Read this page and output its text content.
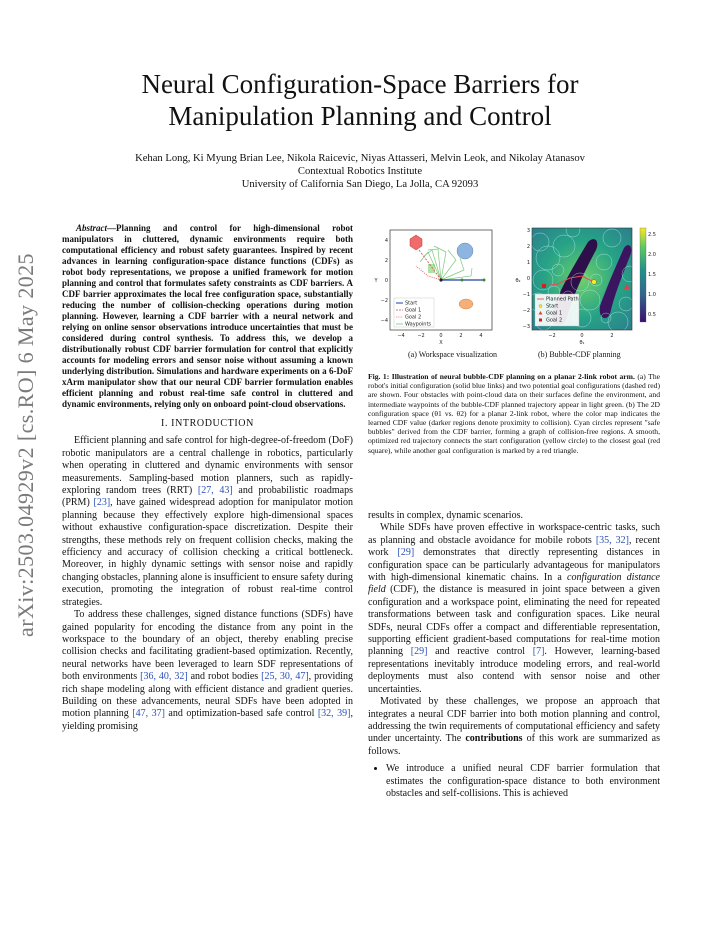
arXiv:2503.04929v2 [cs.RO] 6 May 2025
Neural Configuration-Space Barriers for Manipulation Planning and Control
Kehan Long, Ki Myung Brian Lee, Nikola Raicevic, Niyas Attasseri, Melvin Leok, and Nikolay Atanasov
Contextual Robotics Institute
University of California San Diego, La Jolla, CA 92093

Abstract—Planning and control for high-dimensional robot manipulators in cluttered, dynamic environments require both computational efficiency and robust safety guarantees. Inspired by recent advances in learning configuration-space distance functions (CDFs) as robot body representations, we propose a unified framework for motion planning and control that formulates safety constraints as CDF barriers. A CDF barrier approximates the local free configuration space, substantially reducing the number of collision-checking operations during motion planning. However, learning a CDF barrier with a neural network and relying on online sensor observations introduce uncertainties that must be considered during control synthesis. To address this, we develop a distributionally robust CDF barrier formulation for control that explicitly accounts for modeling errors and sensor noise without assuming a known underlying distribution. Simulations and hardware experiments on a 6-DoF xArm manipulator show that our neural CDF barrier formulation enables efficient planning and robust real-time safe control in cluttered and dynamic environments, relying only on onboard point-cloud observations.

I. INTRODUCTION

Efficient planning and safe control for high-degree-of-freedom (DoF) robotic manipulators are a central challenge in robotics, particularly when operating in cluttered and dynamic environments with sensor measurements. Sampling-based motion planners, such as rapidly-exploring random trees (RRT) [27, 43] and probabilistic roadmaps (PRM) [23], have gained widespread adoption for manipulator motion planning because they effectively explore high-dimensional spaces without exhaustive configuration-space discretization. Despite their strengths, these methods rely on frequent collision checks, making the efficiency and accuracy of collision checking a critical bottleneck. Moreover, in highly dynamic settings with sensor noise and rapidly changing obstacles, planning alone is insufficient to ensure safety during execution, promoting the integration of robust real-time control strategies.

To address these challenges, signed distance functions (SDFs) have gained popularity for encoding the distance from any point in the workspace to the boundary of an object, thereby enabling precise collision checks and facilitating gradient-based optimization. Recently, neural networks have been leveraged to learn SDF representations of both environments [36, 40, 32] and robot bodies [25, 30, 47], providing rich shape modeling along with efficient distance and gradient queries. Building on these advancements, neural SDFs have been adopted in motion planning [47, 37] and optimization-based safe control [32, 39], yielding promising

Start
Goal 1
Goal 2
Waypoints
−4	−2	0	2	4
X
4
2
0
−2
−4
Y
Planned Path
Start
Goal 1
Goal 2
−2	0	2
θ₁
3
2
1
0
−1
−2
−3
θ₂
2.5
2.0
1.5
1.0
0.5
(a) Workspace visualization	(b) Bubble-CDF planning
Fig. 1: Illustration of neural bubble-CDF planning on a planar 2-link robot arm. (a) The robot's initial configuration (solid blue links) and two potential goal configurations (dashed red) are shown. Four obstacles with point-cloud data on their surfaces define the environment, and intermediate waypoints of the bubble-CDF planned trajectory appear in light green. (b) The 2D configuration space (θ1 vs. θ2) for a planar 2-link robot, where the color map indicates the learned CDF value (darker regions denote proximity to collision). Cyan circles represent "safe bubbles" derived from the CDF barrier, forming a graph of collision-free regions. A smooth, optimized red trajectory connects the start configuration (yellow circle) to the closest goal (red square), while another goal configuration is marked by a red triangle.

results in complex, dynamic scenarios.

While SDFs have proven effective in workspace-centric tasks, such as planning and obstacle avoidance for mobile robots [35, 32], recent work [29] demonstrates that directly representing distances in configuration space can be particularly advantageous for manipulators with high-dimensional kinematic chains. In a configuration distance field (CDF), the distance is measured in joint space between a given configuration and a workspace point, eliminating the need for repeated transformations between task and configuration spaces. Like neural SDFs, neural CDFs offer a compact and differentiable representation, supporting efficient gradient-based computations for real-time motion planning [29] and reactive control [7]. However, learning-based representations inevitably introduce modeling errors, and real-world deployments must also contend with sensor noise and other uncertainties.

Motivated by these challenges, we propose an approach that integrates a neural CDF barrier into both motion planning and control, addressing the twin requirements of computational efficiency and safety under uncertainty. The contributions of this work are summarized as follows.

• We introduce a unified neural CDF barrier formulation that estimates the configuration-space distance to both environment obstacles and self-collisions. This is achieved
